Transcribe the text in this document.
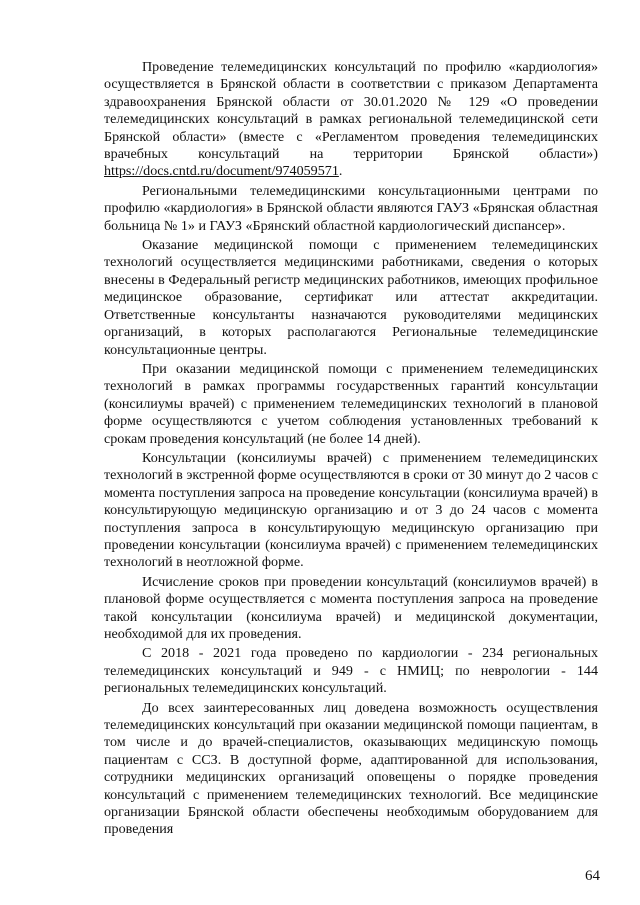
Проведение телемедицинских консультаций по профилю «кардиология» осуществляется в Брянской области в соответствии с приказом Департамента здравоохранения Брянской области от 30.01.2020 № 129 «О проведении телемедицинских консультаций в рамках региональной телемедицинской сети Брянской области» (вместе с «Регламентом проведения телемедицинских врачебных консультаций на территории Брянской области») https://docs.cntd.ru/document/974059571.

Региональными телемедицинскими консультационными центрами по профилю «кардиология» в Брянской области являются ГАУЗ «Брянская областная больница № 1» и ГАУЗ «Брянский областной кардиологический диспансер».

Оказание медицинской помощи с применением телемедицинских технологий осуществляется медицинскими работниками, сведения о которых внесены в Федеральный регистр медицинских работников, имеющих профильное медицинское образование, сертификат или аттестат аккредитации. Ответственные консультанты назначаются руководителями медицинских организаций, в которых располагаются Региональные телемедицинские консультационные центры.

При оказании медицинской помощи с применением телемедицинских технологий в рамках программы государственных гарантий консультации (консилиумы врачей) с применением телемедицинских технологий в плановой форме осуществляются с учетом соблюдения установленных требований к срокам проведения консультаций (не более 14 дней).

Консультации (консилиумы врачей) с применением телемедицинских технологий в экстренной форме осуществляются в сроки от 30 минут до 2 часов с момента поступления запроса на проведение консультации (консилиума врачей) в консультирующую медицинскую организацию и от 3 до 24 часов с момента поступления запроса в консультирующую медицинскую организацию при проведении консультации (консилиума врачей) с применением телемедицинских технологий в неотложной форме.

Исчисление сроков при проведении консультаций (консилиумов врачей) в плановой форме осуществляется с момента поступления запроса на проведение такой консультации (консилиума врачей) и медицинской документации, необходимой для их проведения.

С 2018 - 2021 года проведено по кардиологии - 234 региональных телемедицинских консультаций и 949 - с НМИЦ; по неврологии - 144 региональных телемедицинских консультаций.

До всех заинтересованных лиц доведена возможность осуществления телемедицинских консультаций при оказании медицинской помощи пациентам, в том числе и до врачей-специалистов, оказывающих медицинскую помощь пациентам с ССЗ. В доступной форме, адаптированной для использования, сотрудники медицинских организаций оповещены о порядке проведения консультаций с применением телемедицинских технологий. Все медицинские организации Брянской области обеспечены необходимым оборудованием для проведения

64
